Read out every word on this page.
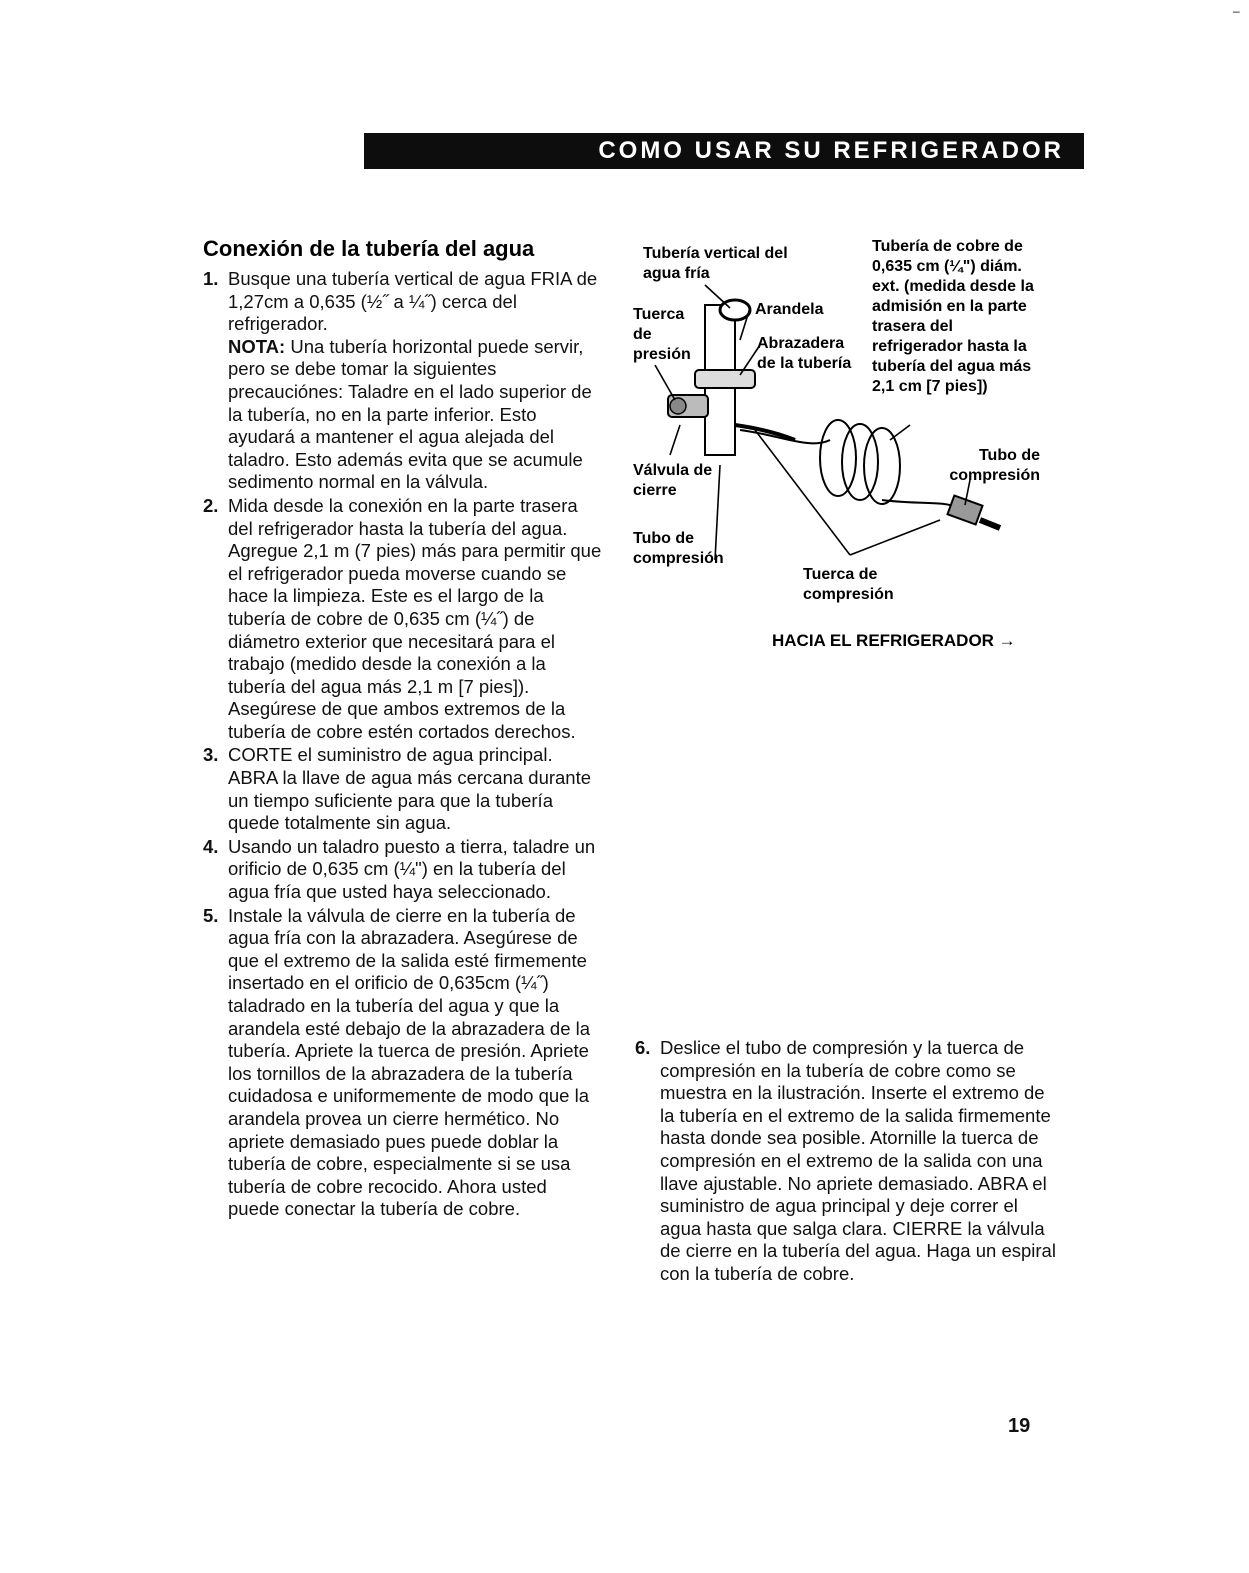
–
COMO USAR SU REFRIGERADOR
Conexión de la tubería del agua
1. Busque una tubería vertical de agua FRIA de 1,27cm a 0,635 (½˝ a ¼˝) cerca del refrigerador.
NOTA: Una tubería horizontal puede servir, pero se debe tomar la siguientes precauciónes: Taladre en el lado superior de la tubería, no en la parte inferior. Esto ayudará a mantener el agua alejada del taladro. Esto además evita que se acumule sedimento normal en la válvula.
2. Mida desde la conexión en la parte trasera del refrigerador hasta la tubería del agua. Agregue 2,1 m (7 pies) más para permitir que el refrigerador pueda moverse cuando se hace la limpieza. Este es el largo de la tubería de cobre de 0,635 cm (¼˝) de diámetro exterior que necesitará para el trabajo (medido desde la conexión a la tubería del agua más 2,1 m [7 pies]). Asegúrese de que ambos extremos de la tubería de cobre estén cortados derechos.
3. CORTE el suministro de agua principal. ABRA la llave de agua más cercana durante un tiempo suficiente para que la tubería quede totalmente sin agua.
4. Usando un taladro puesto a tierra, taladre un orificio de 0,635 cm (¼") en la tubería del agua fría que usted haya seleccionado.
5. Instale la válvula de cierre en la tubería de agua fría con la abrazadera. Asegúrese de que el extremo de la salida esté firmemente insertado en el orificio de 0,635cm (¼˝) taladrado en la tubería del agua y que la arandela esté debajo de la abrazadera de la tubería. Apriete la tuerca de presión. Apriete los tornillos de la abrazadera de la tubería cuidadosa e uniformemente de modo que la arandela provea un cierre hermético. No apriete demasiado pues puede doblar la tubería de cobre, especialmente si se usa tubería de cobre recocido. Ahora usted puede conectar la tubería de cobre.
Tubería vertical del agua fría
Tuerca de presión
Arandela
Abrazadera de la tubería
Tubería de cobre de 0,635 cm (¼") diám. ext. (medida desde la admisión en la parte trasera del refrigerador hasta la tubería del agua más 2,1 cm [7 pies])
Tubo de compresión
Válvula de cierre
Tubo de compresión
Tuerca de compresión
HACIA EL REFRIGERADOR →
6. Deslice el tubo de compresión y la tuerca de compresión en la tubería de cobre como se muestra en la ilustración. Inserte el extremo de la tubería en el extremo de la salida firmemente hasta donde sea posible. Atornille la tuerca de compresión en el extremo de la salida con una llave ajustable. No apriete demasiado. ABRA el suministro de agua principal y deje correr el agua hasta que salga clara. CIERRE la válvula de cierre en la tubería del agua. Haga un espiral con la tubería de cobre.
19
